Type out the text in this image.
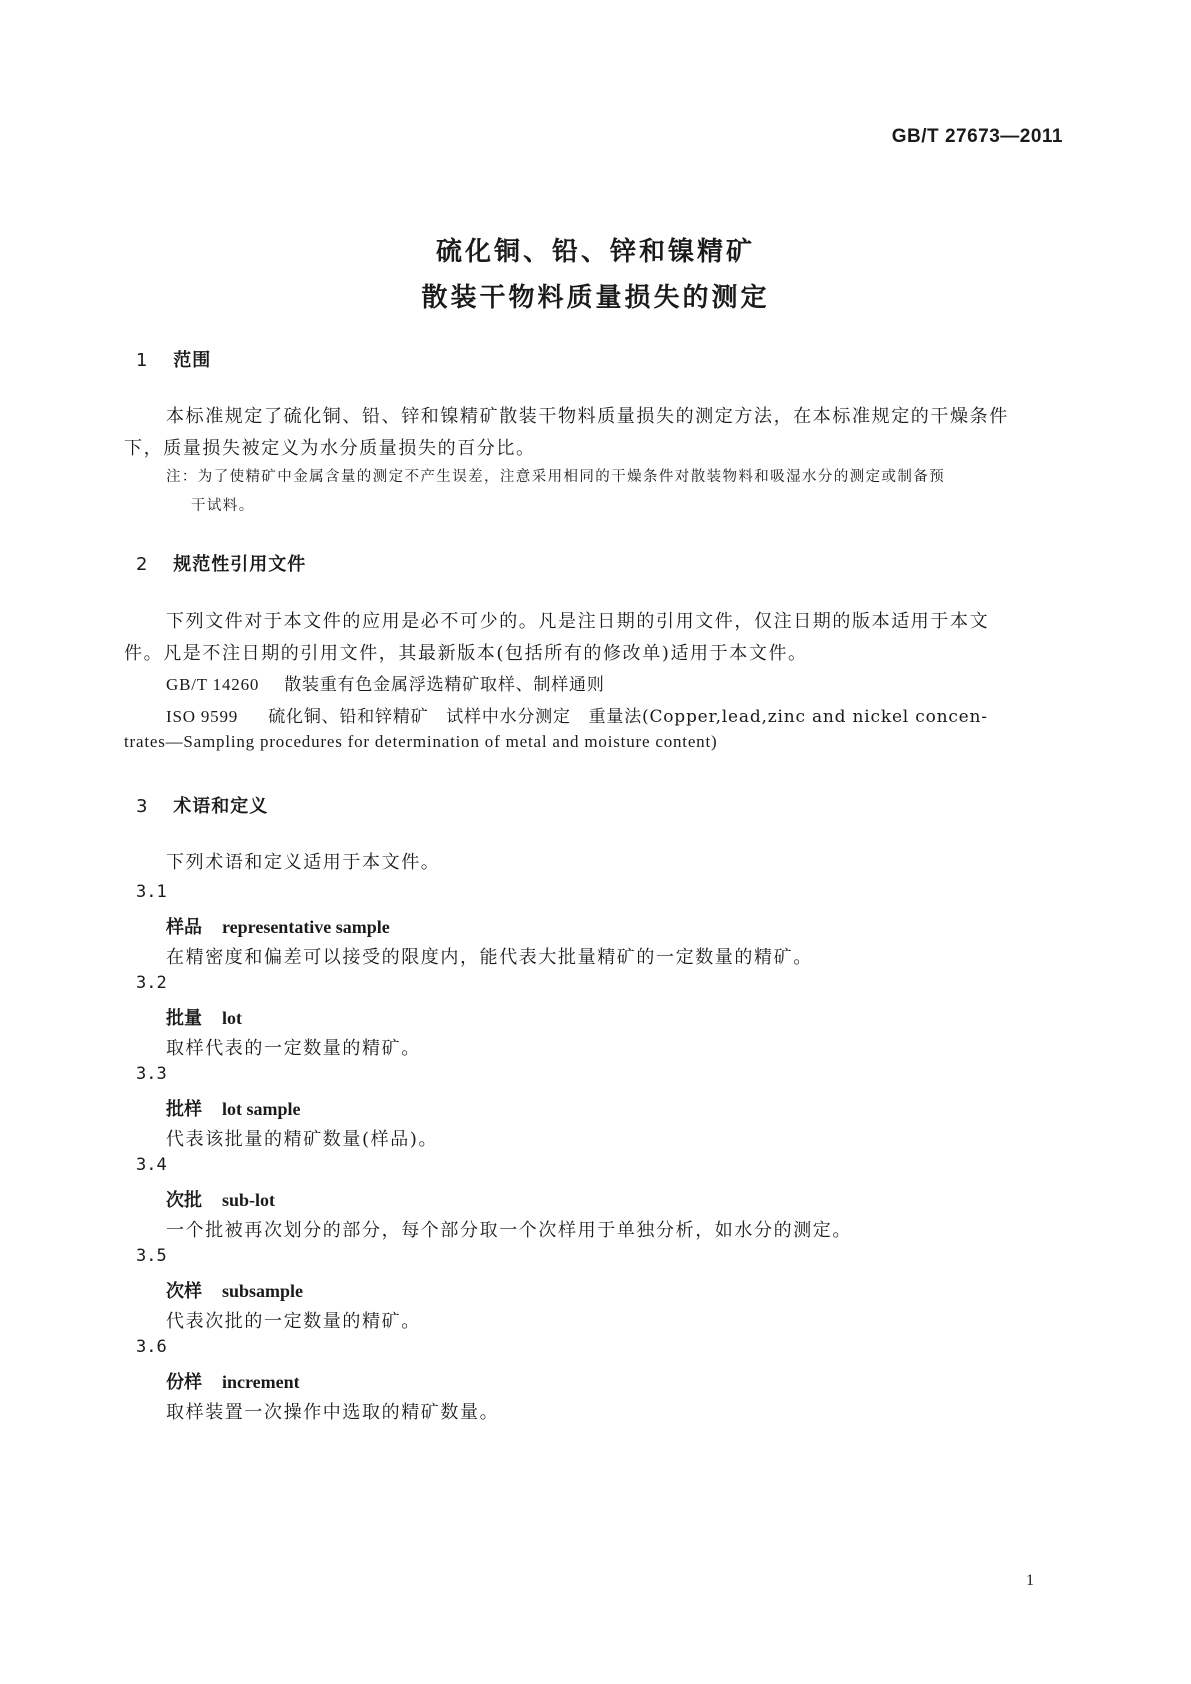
GB/T 27673—2011
硫化铜、铅、锌和镍精矿
散装干物料质量损失的测定
1 范围
本标准规定了硫化铜、铅、锌和镍精矿散装干物料质量损失的测定方法，在本标准规定的干燥条件
下，质量损失被定义为水分质量损失的百分比。
注：为了使精矿中金属含量的测定不产生误差，注意采用相同的干燥条件对散装物料和吸湿水分的测定或制备预
干试料。
2 规范性引用文件
下列文件对于本文件的应用是必不可少的。凡是注日期的引用文件，仅注日期的版本适用于本文
件。凡是不注日期的引用文件，其最新版本(包括所有的修改单)适用于本文件。
GB/T 14260 散装重有色金属浮选精矿取样、制样通则
ISO 9599 硫化铜、铅和锌精矿　试样中水分测定　重量法(Copper,lead,zinc and nickel concen-
trates—Sampling procedures for determination of metal and moisture content)
3 术语和定义
下列术语和定义适用于本文件。
3.1
样品 representative sample
在精密度和偏差可以接受的限度内，能代表大批量精矿的一定数量的精矿。
3.2
批量 lot
取样代表的一定数量的精矿。
3.3
批样 lot sample
代表该批量的精矿数量(样品)。
3.4
次批 sub-lot
一个批被再次划分的部分，每个部分取一个次样用于单独分析，如水分的测定。
3.5
次样 subsample
代表次批的一定数量的精矿。
3.6
份样 increment
取样装置一次操作中选取的精矿数量。
1
